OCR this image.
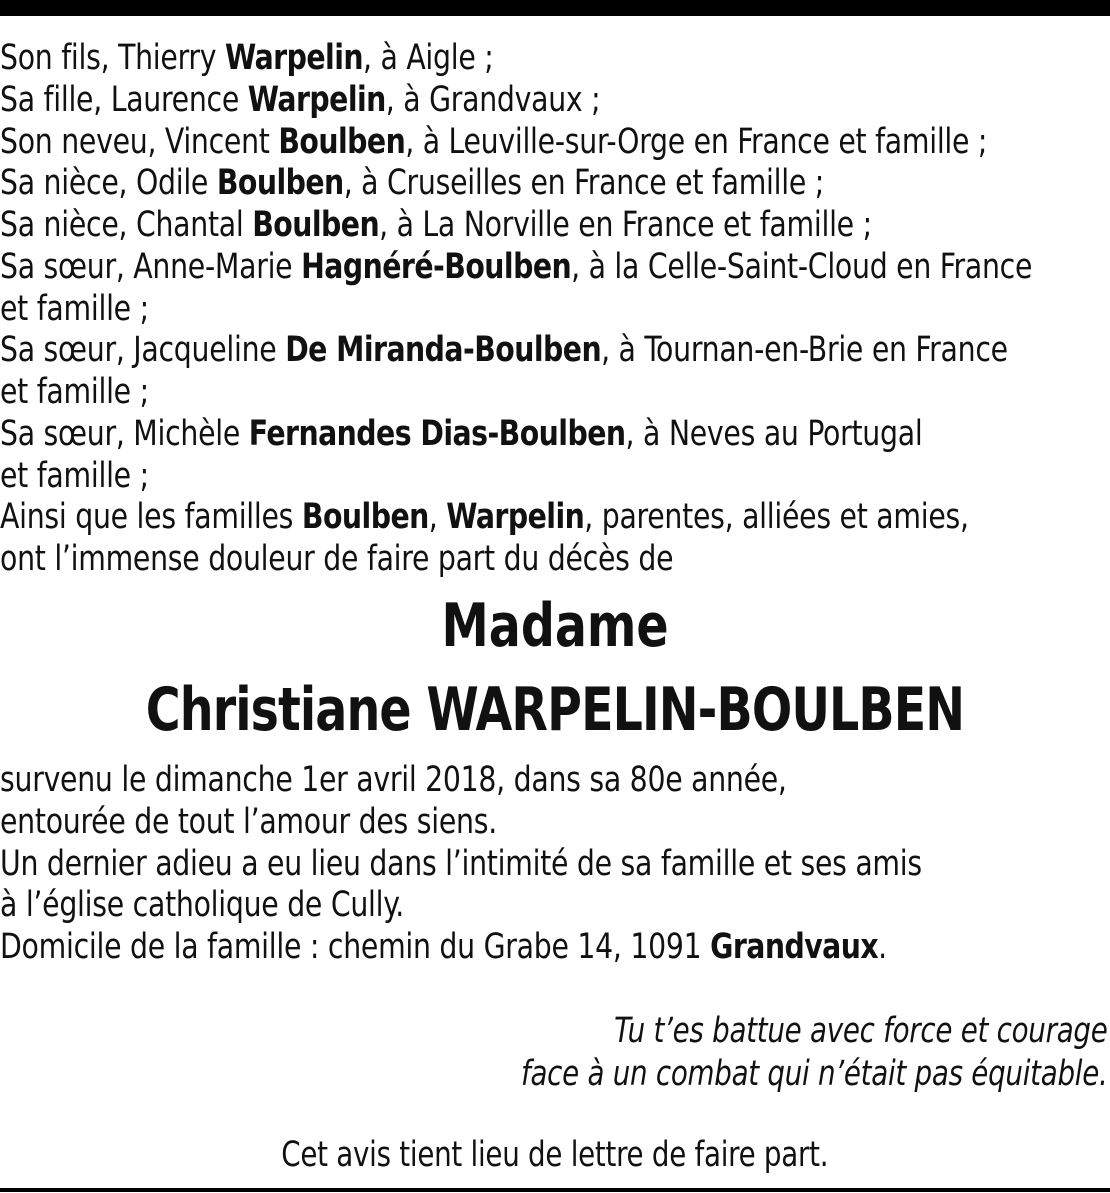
Son fils, Thierry Warpelin, à Aigle ;
Sa fille, Laurence Warpelin, à Grandvaux ;
Son neveu, Vincent Boulben, à Leuville-sur-Orge en France et famille ;
Sa nièce, Odile Boulben, à Cruseilles en France et famille ;
Sa nièce, Chantal Boulben, à La Norville en France et famille ;
Sa sœur, Anne-Marie Hagnéré-Boulben, à la Celle-Saint-Cloud en France
et famille ;
Sa sœur, Jacqueline De Miranda-Boulben, à Tournan-en-Brie en France
et famille ;
Sa sœur, Michèle Fernandes Dias-Boulben, à Neves au Portugal
et famille ;
Ainsi que les familles Boulben, Warpelin, parentes, alliées et amies,
ont l’immense douleur de faire part du décès de
Madame
Christiane WARPELIN-BOULBEN
survenu le dimanche 1er avril 2018, dans sa 80e année,
entourée de tout l’amour des siens.
Un dernier adieu a eu lieu dans l’intimité de sa famille et ses amis
à l’église catholique de Cully.
Domicile de la famille : chemin du Grabe 14, 1091 Grandvaux.
Tu t’es battue avec force et courage
face à un combat qui n’était pas équitable.
Cet avis tient lieu de lettre de faire part.
